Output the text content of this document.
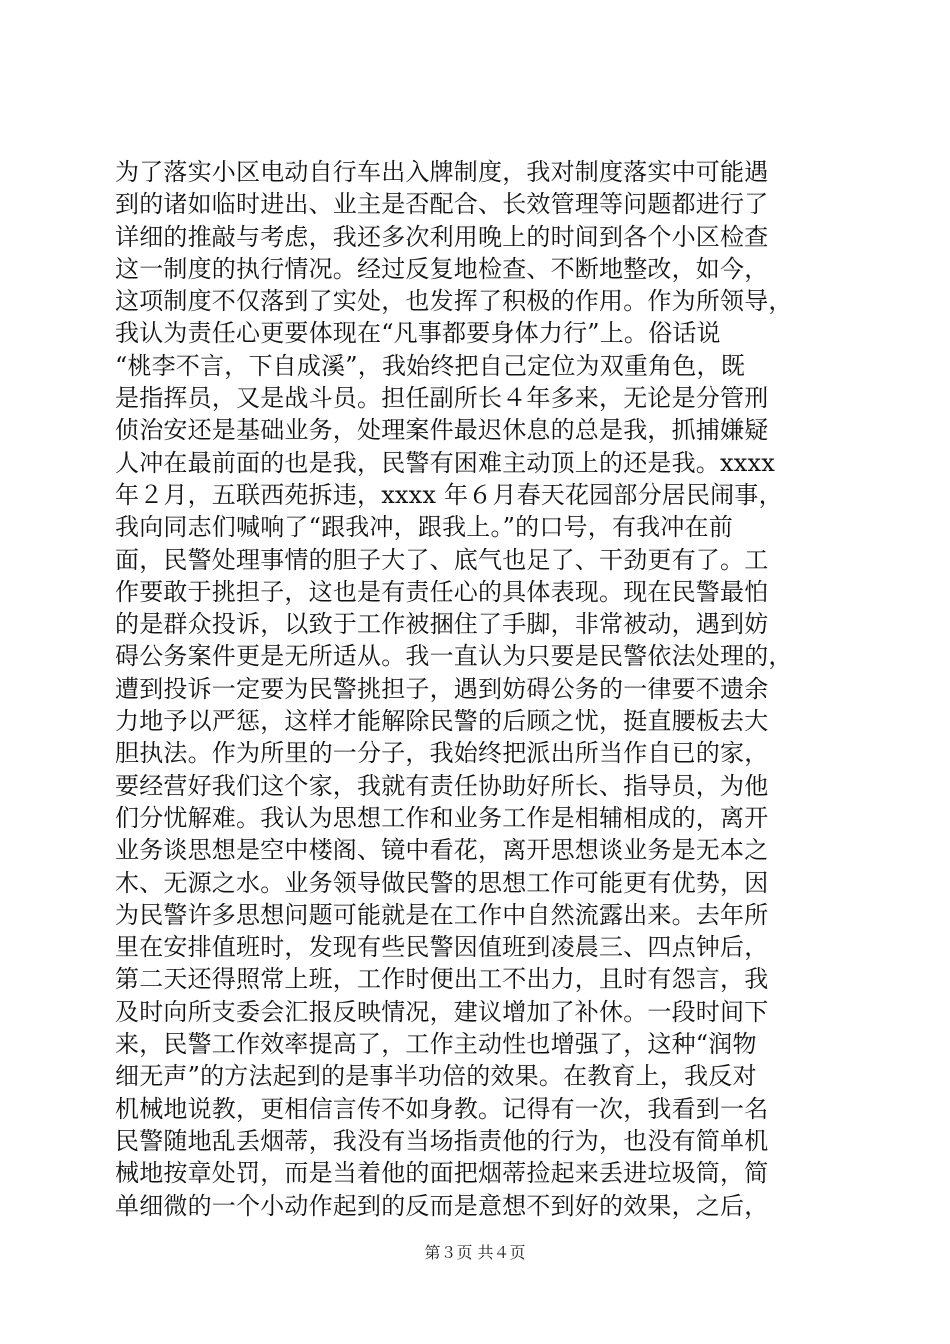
为了落实小区电动自行车出入牌制度，我对制度落实中可能遇
到的诸如临时进出、业主是否配合、长效管理等问题都进行了
详细的推敲与考虑，我还多次利用晚上的时间到各个小区检查
这一制度的执行情况。经过反复地检查、不断地整改，如今，
这项制度不仅落到了实处，也发挥了积极的作用。作为所领导，
我认为责任心更要体现在“凡事都要身体力行”上。俗话说
“桃李不言，下自成溪”，我始终把自己定位为双重角色，既
是指挥员，又是战斗员。担任副所长４年多来，无论是分管刑
侦治安还是基础业务，处理案件最迟休息的总是我，抓捕嫌疑
人冲在最前面的也是我，民警有困难主动顶上的还是我。xxxx
年２月，五联西苑拆违，xxxx 年６月春天花园部分居民闹事，
我向同志们喊响了“跟我冲，跟我上。”的口号，有我冲在前
面，民警处理事情的胆子大了、底气也足了、干劲更有了。工
作要敢于挑担子，这也是有责任心的具体表现。现在民警最怕
的是群众投诉，以致于工作被捆住了手脚，非常被动，遇到妨
碍公务案件更是无所适从。我一直认为只要是民警依法处理的，
遭到投诉一定要为民警挑担子，遇到妨碍公务的一律要不遗余
力地予以严惩，这样才能解除民警的后顾之忧，挺直腰板去大
胆执法。作为所里的一分子，我始终把派出所当作自已的家，
要经营好我们这个家，我就有责任协助好所长、指导员，为他
们分忧解难。我认为思想工作和业务工作是相辅相成的，离开
业务谈思想是空中楼阁、镜中看花，离开思想谈业务是无本之
木、无源之水。业务领导做民警的思想工作可能更有优势，因
为民警许多思想问题可能就是在工作中自然流露出来。去年所
里在安排值班时，发现有些民警因值班到凌晨三、四点钟后，
第二天还得照常上班，工作时便出工不出力，且时有怨言，我
及时向所支委会汇报反映情况，建议增加了补休。一段时间下
来，民警工作效率提高了，工作主动性也增强了，这种“润物
细无声”的方法起到的是事半功倍的效果。在教育上，我反对
机械地说教，更相信言传不如身教。记得有一次，我看到一名
民警随地乱丢烟蒂，我没有当场指责他的行为，也没有简单机
械地按章处罚，而是当着他的面把烟蒂捡起来丢进垃圾筒，简
单细微的一个小动作起到的反而是意想不到好的效果，之后，
第３页 共４页
